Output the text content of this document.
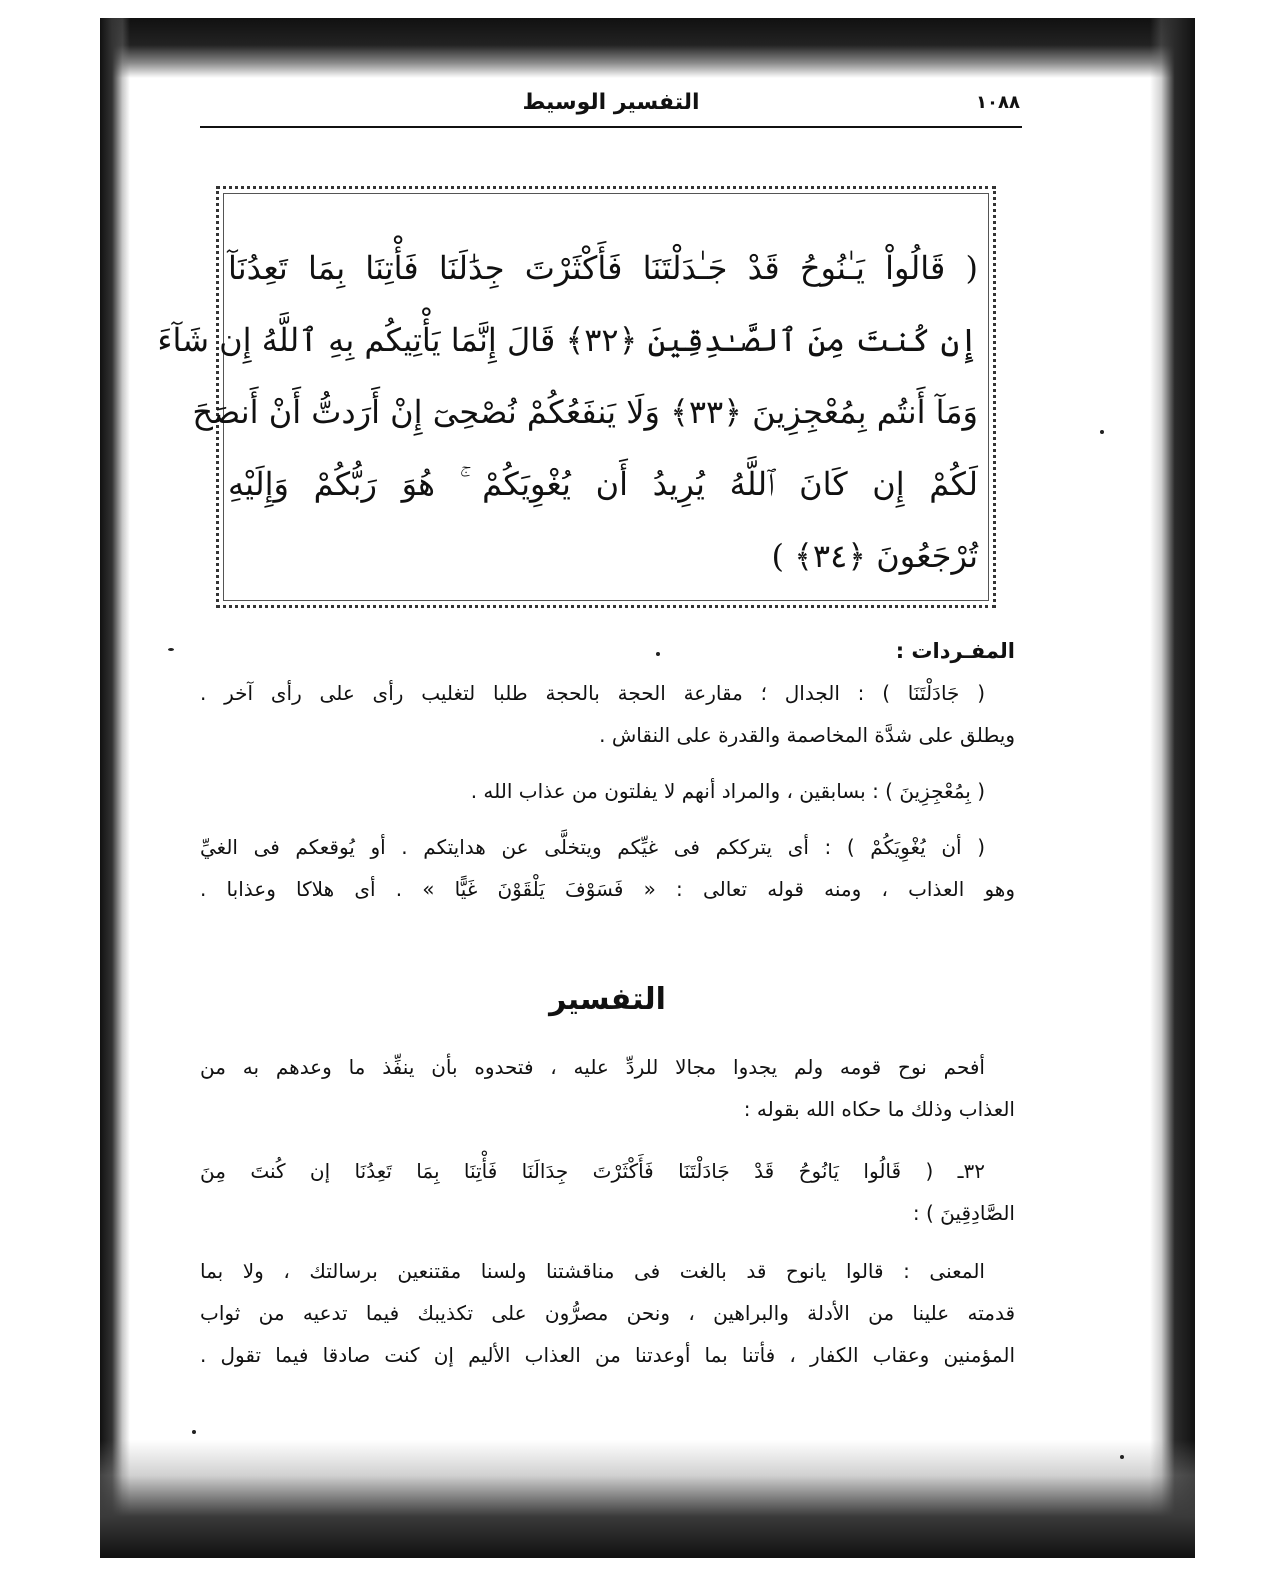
١٠٨٨
التفسير الوسيط
( قَالُواْ يَـٰنُوحُ قَدْ جَـٰدَلْتَنَا فَأَكْثَرْتَ جِدَٰلَنَا فَأْتِنَا بِمَا تَعِدُنَآ
إِن كُنتَ مِنَ ٱلصَّـٰدِقِينَ ﴿٣٢﴾ قَالَ إِنَّمَا يَأْتِيكُم بِهِ ٱللَّهُ إِن شَآءَ
وَمَآ أَنتُم بِمُعْجِزِينَ ﴿٣٣﴾ وَلَا يَنفَعُكُمْ نُصْحِىٓ إِنْ أَرَدتُّ أَنْ أَنصَحَ
لَكُمْ إِن كَانَ ٱللَّهُ يُرِيدُ أَن يُغْوِيَكُمْ ۚ هُوَ رَبُّكُمْ وَإِلَيْهِ
تُرْجَعُونَ ﴿٣٤﴾ )
المفـردات :
( جَادَلْتَنَا ) : الجدال ؛ مقارعة الحجة بالحجة طلبا لتغليب رأى على رأى آخر .
ويطلق على شدَّة المخاصمة والقدرة على النقاش .
( بِمُعْجِزِينَ ) : بسابقين ، والمراد أنهم لا يفلتون من عذاب الله .
( أن يُغْوِيَكُمْ ) : أى يترككم فى غيِّكم ويتخلَّى عن هدايتكم . أو يُوقعكم فى الغيِّ
وهو العذاب ، ومنه قوله تعالى : « فَسَوْفَ يَلْقَوْنَ غَيًّا » . أى هلاكا وعذابا .
التفسير
أفحم نوح قومه ولم يجدوا مجالا للردِّ عليه ، فتحدوه بأن ينفِّذ ما وعدهم به من
العذاب وذلك ما حكاه الله بقوله :
٣٢ـ ( قَالُوا يَانُوحُ قَدْ جَادَلْتَنَا فَأَكْثَرْتَ جِدَالَنَا فَأْتِنَا بِمَا تَعِدُنَا إن كُنتَ مِنَ
الصَّادِقِينَ ) :
المعنى : قالوا يانوح قد بالغت فى مناقشتنا ولسنا مقتنعين برسالتك ، ولا بما
قدمته علينا من الأدلة والبراهين ، ونحن مصرُّون على تكذيبك فيما تدعيه من ثواب
المؤمنين وعقاب الكفار ، فأتنا بما أوعدتنا من العذاب الأليم إن كنت صادقا فيما تقول .
